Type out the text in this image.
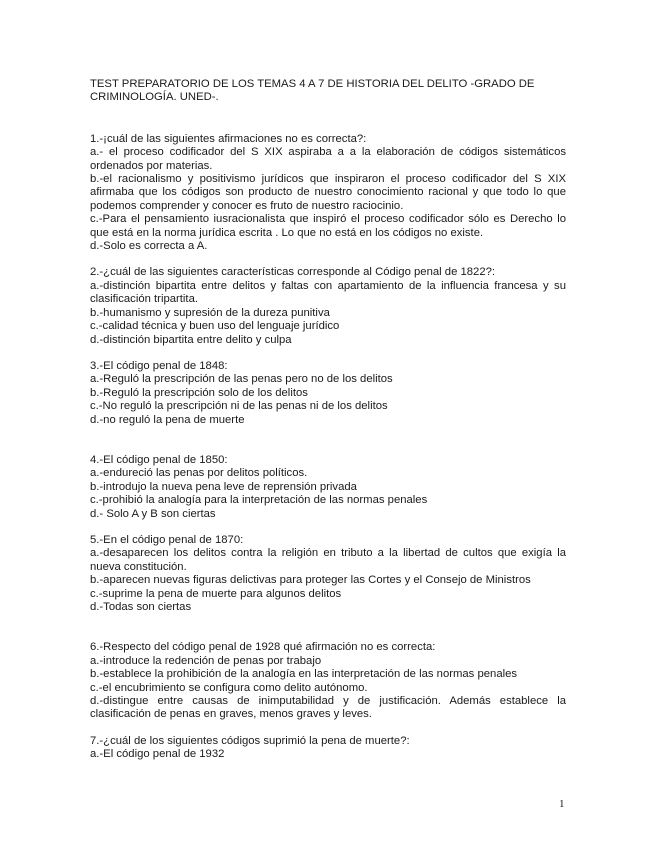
TEST PREPARATORIO DE LOS TEMAS 4 A 7 DE HISTORIA DEL DELITO -GRADO DE CRIMINOLOGÍA. UNED-.

1.-¡cuál de las siguientes afirmaciones no es correcta?:

a.- el proceso codificador del S XIX aspiraba a a la elaboración de códigos sistemáticos ordenados por materias.

b.-el racionalismo y positivismo jurídicos que inspiraron el proceso codificador del S XIX afirmaba que los códigos son producto de nuestro conocimiento racional y que todo lo que podemos comprender y conocer es fruto de nuestro raciocinio.

c.-Para el pensamiento iusracionalista que inspiró el proceso codificador sólo es Derecho lo que está en la norma jurídica escrita . Lo que no está en los códigos no existe.

d.-Solo es correcta a A.

2.-¿cuál de las siguientes características corresponde al Código penal de 1822?:

a.-distinción bipartita entre delitos y faltas con apartamiento de la influencia francesa y su clasificación tripartita.

b.-humanismo y supresión de la dureza punitiva

c.-calidad técnica y buen uso del lenguaje jurídico

d.-distinción bipartita entre delito y culpa

3.-El código penal de 1848:

a.-Reguló la prescripción de las penas pero no de los delitos

b.-Reguló la prescripción solo de los delitos

c.-No reguló la prescripción ni de las penas ni de los delitos

d.-no reguló la pena de muerte

4.-El código penal de 1850:

a.-endureció las penas por delitos políticos.

b.-introdujo la nueva pena leve de reprensión privada

c.-prohibió la analogía para la interpretación de las normas penales

d.- Solo A y B son ciertas

5.-En el código penal de 1870:

a.-desaparecen los delitos contra la religión en tributo a la libertad de cultos que exigía la nueva constitución.

b.-aparecen nuevas figuras delictivas para proteger las Cortes y el Consejo de Ministros

c.-suprime la pena de muerte para algunos delitos

d.-Todas son ciertas

6.-Respecto del código penal de 1928 qué afirmación no es correcta:

a.-introduce la redención de penas por trabajo

b.-establece la prohibición de la analogía en las interpretación de las normas penales

c.-el encubrimiento se configura como delito autónomo.

d.-distingue entre causas de inimputabilidad y de justificación. Además establece la clasificación de penas en graves, menos graves y leves.

7.-¿cuál de los siguientes códigos suprimió la pena de muerte?:

a.-El código penal de 1932

1
